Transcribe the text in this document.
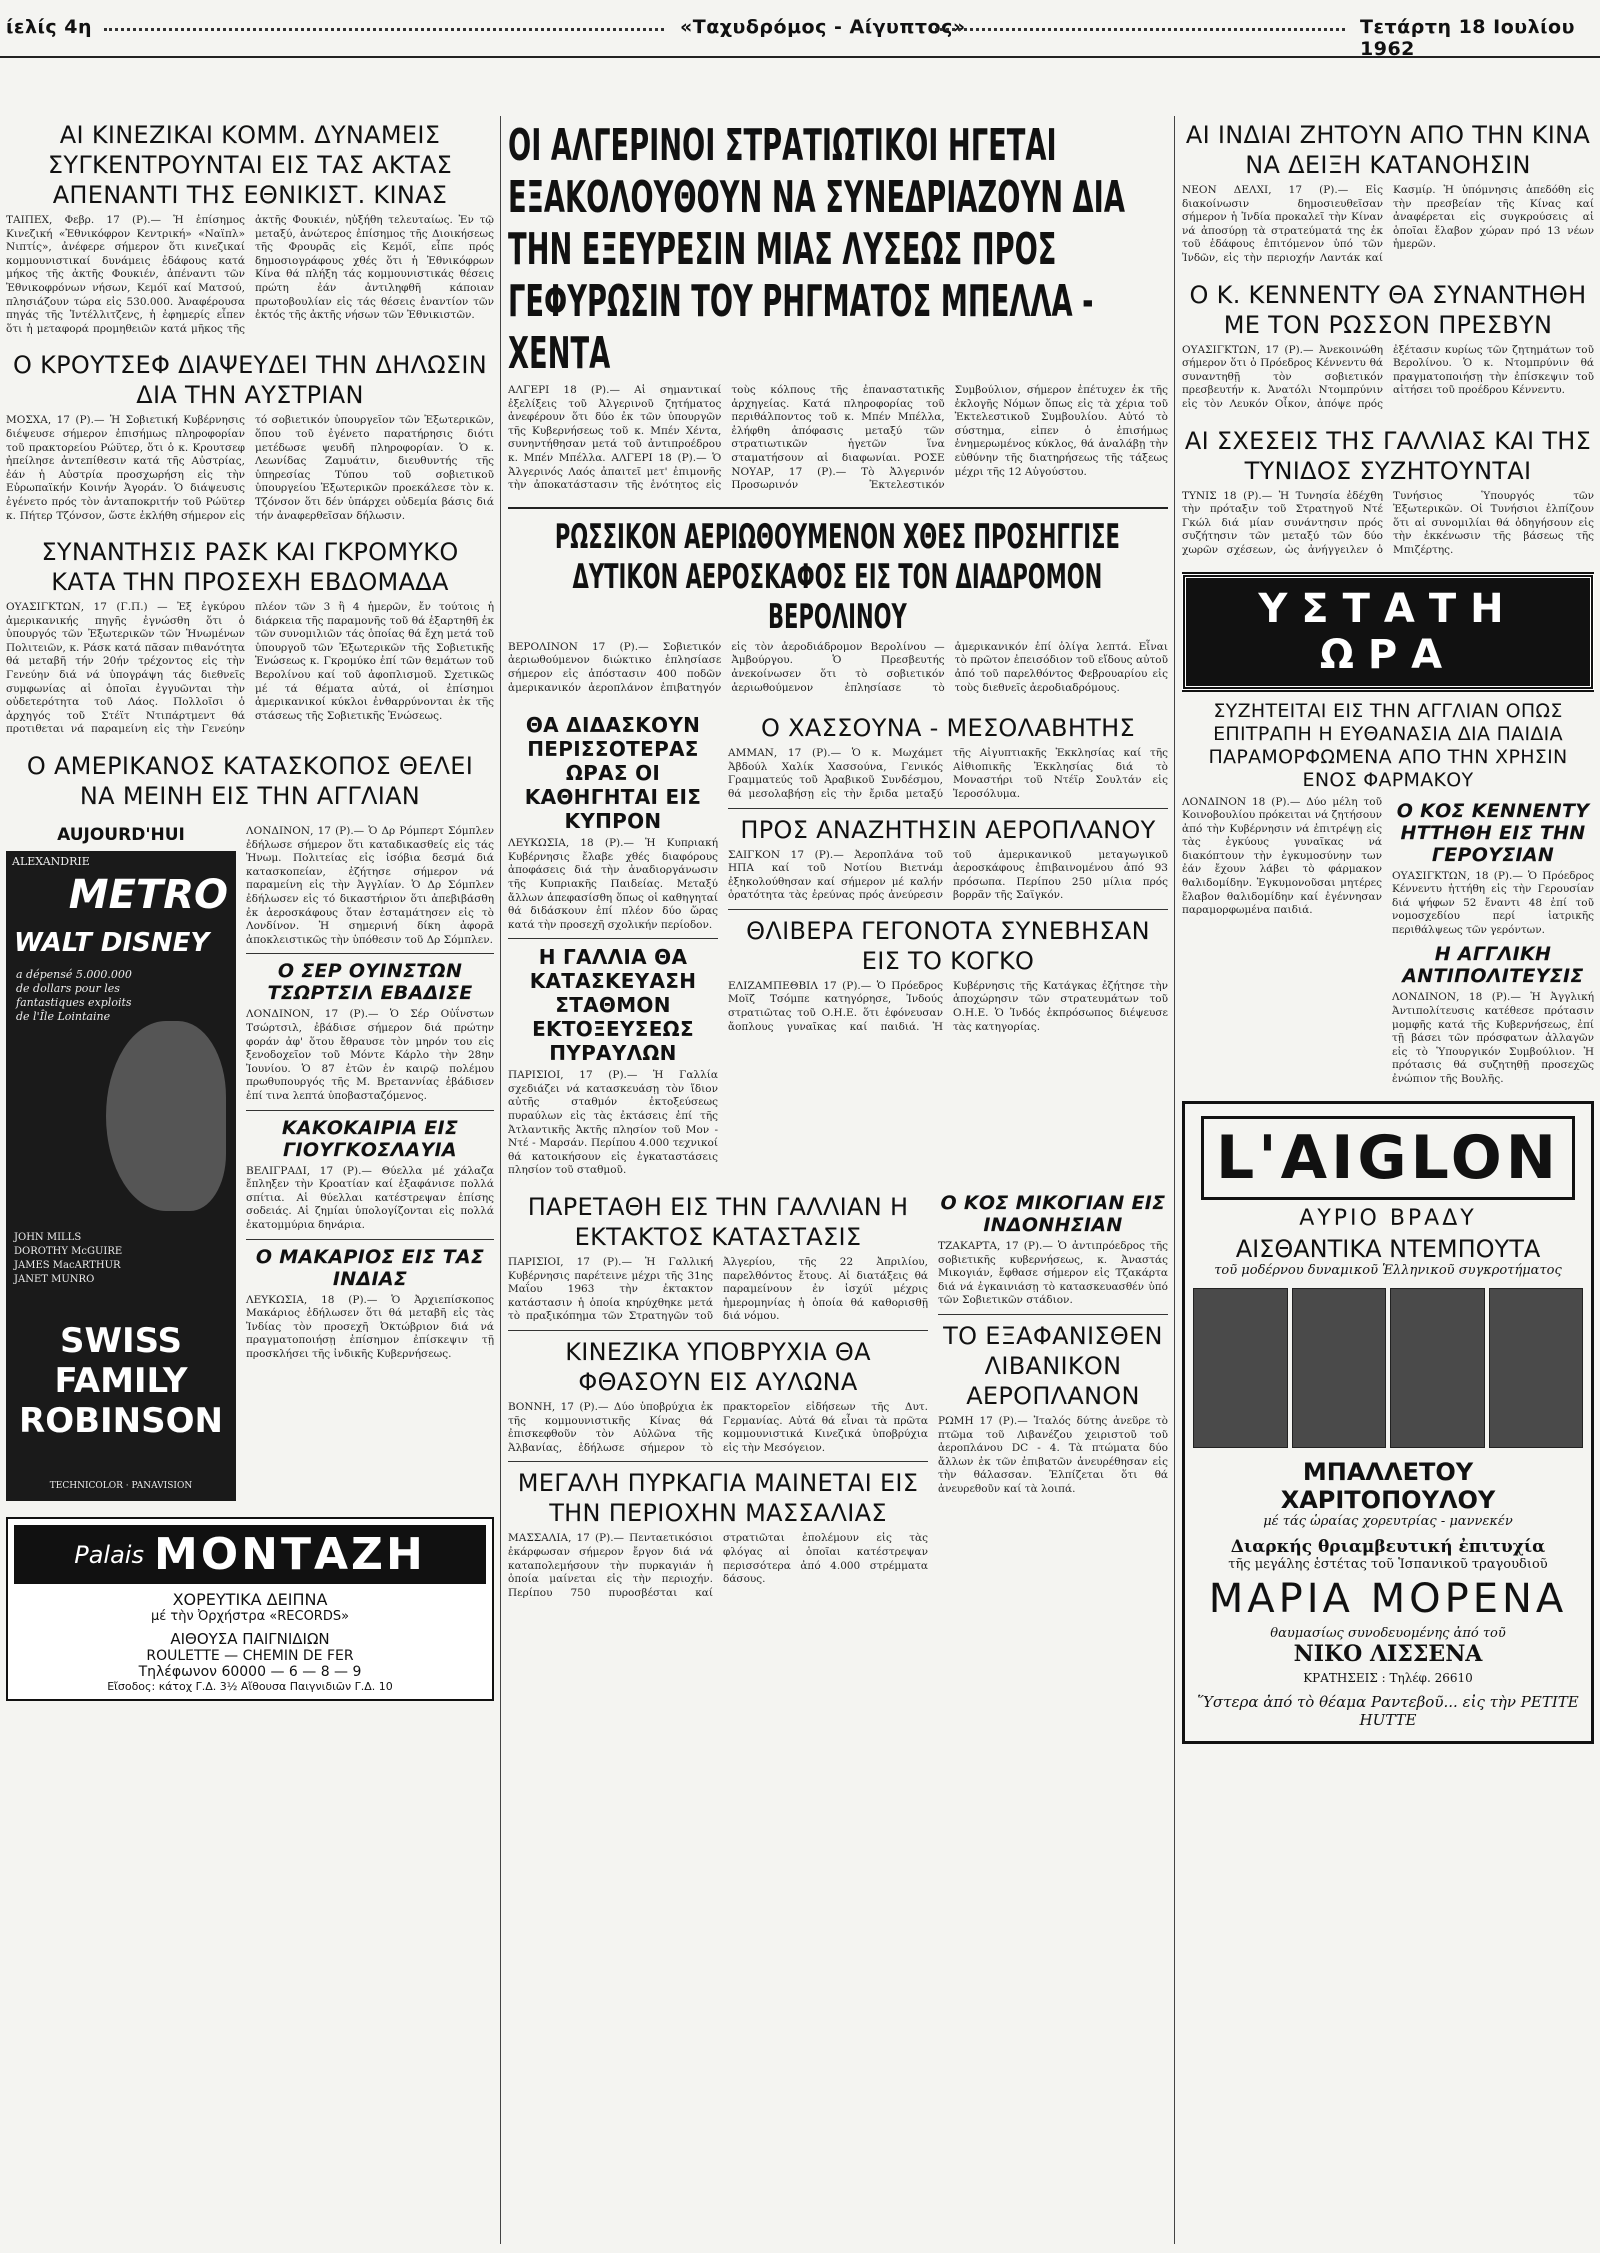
ίελίς 4η	«Ταχυδρόμος - Αίγυπτος»	Τετάρτη 18 Ιουλίου 1962
ΑΙ ΚΙΝΕΖΙΚΑΙ ΚΟΜΜ. ΔΥΝΑΜΕΙΣ ΣΥΓΚΕΝΤΡΟΥΝΤΑΙ ΕΙΣ ΤΑΣ ΑΚΤΑΣ ΑΠΕΝΑΝΤΙ ΤΗΣ ΕΘΝΙΚΙΣΤ. ΚΙΝΑΣ
ΤΑΙΠΕΧ, Φεβρ. 17 (Ρ).— Ἡ ἐπίσημος Κινεζική «Ἐθνικόφρον Κεντρική» «Ναϊπλ» Νιπτίς», ἀνέφερε σήμερον ὅτι κινεζικαί κομμουνιστικαί δυνάμεις ἐδάφους κατά μήκος τῆς ἀκτῆς Φουκιέν, ἀπέναντι τῶν Ἐθνικοφρόνων νήσων, Κεμόϊ καί Ματσού, πλησιάζουν τώρα εἰς 530.000. Ἀναφέρουσα πηγάς τῆς Ἰντέλλιτζενς, ἡ ἐφημερίς εἶπεν ὅτι ἡ μεταφορά προμηθειῶν κατά μῆκος τῆς ἀκτῆς Φουκιέν, ηὐξήθη τελευταίως. Ἐν τῷ μεταξύ, ἀνώτερος ἐπίσημος τῆς Διοικήσεως τῆς Φρουρᾶς εἰς Κεμόϊ, εἶπε πρός δημοσιογράφους χθές ὅτι ἡ Ἐθνικόφρων Κίνα θά πλήξη τάς κομμουνιστικάς θέσεις πρώτη ἐάν ἀντιληφθῆ κάποιαν πρωτοβουλίαν εἰς τάς θέσεις ἐναντίον τῶν ἐκτός τῆς ἀκτῆς νήσων τῶν Ἐθνικιστῶν.
Ο ΚΡΟΥΤΣΕΦ ΔΙΑΨΕΥΔΕΙ ΤΗΝ ΔΗΛΩΣΙΝ ΔΙΑ ΤΗΝ ΑΥΣΤΡΙΑΝ
ΜΟΣΧΑ, 17 (Ρ).— Ἡ Σοβιετική Κυβέρνησις διέψευσε σήμερον ἐπισήμως πληροφορίαν τοῦ πρακτορείου Ρώϋτερ, ὅτι ὁ κ. Κρουτσεφ ἠπείλησε ἀντεπίθεσιν κατά τῆς Αὐστρίας, ἐάν ἡ Αὐστρία προσχωρήση εἰς τὴν Εὐρωπαϊκήν Κοινήν Ἀγοράν. Ὁ διάψευσις ἐγένετο πρός τὸν ἀνταποκριτήν τοῦ Ρώϋτερ κ. Πήτερ Τζόνσον, ὥστε ἐκλήθη σήμερον εἰς τό σοβιετικόν ὑπουργεῖον τῶν Ἐξωτερικῶν, ὅπου τοῦ ἐγένετο παρατήρησις διότι μετέδωσε ψευδῆ πληροφορίαν. Ὁ κ. Λεωνίδας Ζαμυάτιν, διευθυντής τῆς ὑπηρεσίας Τύπου τοῦ σοβιετικοῦ ὑπουργείου Ἐξωτερικῶν προεκάλεσε τὸν κ. Τζόνσον ὅτι δέν ὑπάρχει οὐδεμία βάσις διά τήν ἀναφερθεῖσαν δήλωσιν.
ΣΥΝΑΝΤΗΣΙΣ ΡΑΣΚ ΚΑΙ ΓΚΡΟΜΥΚΟ ΚΑΤΑ ΤΗΝ ΠΡΟΣΕΧΗ ΕΒΔΟΜΑΔΑ
ΟΥΑΣΙΓΚΤΩΝ, 17 (Γ.Π.) — Ἐξ ἐγκύρου ἀμερικανικής πηγῆς ἐγνώσθη ὅτι ὁ ὑπουργός τῶν Ἐξωτερικῶν τῶν Ἡνωμένων Πολιτειῶν, κ. Ράσκ κατά πᾶσαν πιθανότητα θά μεταβῆ τήν 20ήν τρέχοντος εἰς τὴν Γενεύην διά νά ὑπογράψη τάς διεθνεῖς συμφωνίας αἱ ὁποῖαι ἐγγυῶνται τὴν οὐδετερότητα τοῦ Λάος. Πολλοῖσι ὁ ἀρχηγός τοῦ Στέϊτ Ντιπάρτμεντ θά προτιθεται νά παραμείνη εἰς τὴν Γενεύην πλέον τῶν 3 ἢ 4 ἡμερῶν, ἔν τούτοις ἡ διάρκεια τῆς παραμονῆς τοῦ θά ἐξαρτηθῆ ἐκ τῶν συνομιλιῶν τάς ὁποίας θά ἔχη μετά τοῦ ὑπουργοῦ τῶν Ἐξωτερικῶν τῆς Σοβιετικῆς Ἑνώσεως κ. Γκρομύκο ἐπί τῶν θεμάτων τοῦ Βερολίνου καί τοῦ ἀφοπλισμοῦ. Σχετικῶς μέ τά θέματα αὐτά, οἱ ἐπίσημοι ἀμερικανικοί κύκλοι ἐνθαρρύνονται ἐκ τῆς στάσεως τῆς Σοβιετικῆς Ἑνώσεως.
Ο ΑΜΕΡΙΚΑΝΟΣ ΚΑΤΑΣΚΟΠΟΣ ΘΕΛΕΙ ΝΑ ΜΕΙΝΗ ΕΙΣ ΤΗΝ ΑΓΓΛΙΑΝ
AUJOURD'HUI
ALEXANDRIE
METRO
WALT DISNEY
a dépensé 5.000.000 de dollars pour les fantastiques exploits de l'Île Lointaine
JOHN MILLS
DOROTHY McGUIRE
JAMES MacARTHUR
JANET MUNRO
SWISS FAMILY ROBINSON
TECHNICOLOR · PANAVISION
ΛΟΝΔΙΝΟΝ, 17 (Ρ).— Ὁ Δρ Ρόμπερτ Σόμπλεν ἐδήλωσε σήμερον ὅτι καταδικασθείς εἰς τάς Ἡνωμ. Πολιτείας εἰς ἰσόβια δεσμά διά κατασκοπείαν, ἐζήτησε σήμερον νά παραμείνη εἰς τὴν Ἀγγλίαν. Ὁ Δρ Σόμπλεν ἐδήλωσεν εἰς τό δικαστήριον ὅτι ἀπεβιβάσθη ἐκ ἀεροσκάφους ὅταν ἐσταμάτησεν εἰς τὸ Λονδίνον. Ἡ σημερινή δίκη ἀφορᾶ ἀποκλειστικῶς τὴν ὑπόθεσιν τοῦ Δρ Σόμπλεν.
Ο ΣΕΡ ΟΥΙΝΣΤΩΝ ΤΣΩΡΤΣΙΛ ΕΒΑΔΙΣΕ
ΛΟΝΔΙΝΟΝ, 17 (Ρ).— Ὁ Σέρ Οὐΐνστων Τσώρτσιλ, ἐβάδισε σήμερον διά πρώτην φοράν ἀφ' ὅτου ἔθραυσε τὸν μηρόν του εἰς ξενοδοχεῖον τοῦ Μόντε Κάρλο τὴν 28ην Ἰουνίου. Ὁ 87 ἐτῶν ἐν καιρῷ πολέμου πρωθυπουργός τῆς Μ. Βρεταννίας ἐβάδισεν ἐπί τινα λεπτά ὑποβασταζόμενος.
ΚΑΚΟΚΑΙΡΙΑ ΕΙΣ ΓΙΟΥΓΚΟΣΛΑΥΙΑ
ΒΕΛΙΓΡΑΔΙ, 17 (Ρ).— Θύελλα μέ χάλαζα ἔπληξεν τὴν Κροατίαν καί ἐξαφάνισε πολλά σπίτια. Αἱ θύελλαι κατέστρεψαν ἐπίσης σοδειάς. Αἱ ζημίαι ὑπολογίζονται εἰς πολλά ἑκατομμύρια δηνάρια.
Ο ΜΑΚΑΡΙΟΣ ΕΙΣ ΤΑΣ ΙΝΔΙΑΣ
ΛΕΥΚΩΣΙΑ, 18 (Ρ).— Ὁ Ἀρχιεπίσκοπος Μακάριος ἐδήλωσεν ὅτι θά μεταβῆ εἰς τὰς Ἰνδίας τὸν προσεχῆ Ὀκτώβριον διά νά πραγματοποιήσῃ ἐπίσημον ἐπίσκεψιν τῇ προσκλήσει τῆς ἰνδικῆς Κυβερνήσεως.
Palais ΜΟΝΤΑΖΗ
ΧΟΡΕΥΤΙΚΑ ΔΕΙΠΝΑ
μέ τὴν Ὀρχήστρα «RECORDS»
ΑΙΘΟΥΣΑ ΠΑΙΓΝΙΔΙΩΝ
ROULETTE — CHEMIN DE FER
Τηλέφωνον 60000 — 6 — 8 — 9
Εἴσοδος: κάτοχ Γ.Δ. 3½ Αἴθουσα Παιγνιδιῶν Γ.Δ. 10
ΟΙ ΑΛΓΕΡΙΝΟΙ ΣΤΡΑΤΙΩΤΙΚΟΙ ΗΓΕΤΑΙ ΕΞΑΚΟΛΟΥΘΟΥΝ ΝΑ ΣΥΝΕΔΡΙΑΖΟΥΝ ΔΙΑ ΤΗΝ ΕΞΕΥΡΕΣΙΝ ΜΙΑΣ ΛΥΣΕΩΣ ΠΡΟΣ ΓΕΦΥΡΩΣΙΝ ΤΟΥ ΡΗΓΜΑΤΟΣ ΜΠΕΛΛΑ - ΧΕΝΤΑ
ΑΛΓΕΡΙ 18 (Ρ).— Αἱ σημαντικαί ἐξελίξεις τοῦ Ἀλγερινοῦ ζητήματος ἀνεφέρουν ὅτι δύο ἐκ τῶν ὑπουργῶν τῆς Κυβερνήσεως τοῦ κ. Μπέν Χέντα, συνηντήθησαν μετά τοῦ ἀντιπροέδρου κ. Μπέν Μπέλλα. ΑΛΓΕΡΙ 18 (Ρ).— Ὁ Ἀλγερινός Λαός ἀπαιτεῖ μετ' ἐπιμονῆς τὴν ἀποκατάστασιν τῆς ἑνότητος εἰς τοὺς κόλπους τῆς ἐπαναστατικῆς ἀρχηγείας. Κατά πληροφορίας τοῦ περιθάλποντος τοῦ κ. Μπέν Μπέλλα, ἐλήφθη ἀπόφασις μεταξύ τῶν στρατιωτικῶν ἡγετῶν ἵνα σταματήσουν αἱ διαφωνίαι. ΡΟΣΕ ΝΟΥΑΡ, 17 (Ρ).— Τὸ Ἀλγερινόν Προσωρινόν Ἐκτελεστικόν Συμβούλιον, σήμερον ἐπέτυχεν ἐκ τῆς ἐκλογῆς Νόμων ὅπως εἰς τὰ χέρια τοῦ Ἐκτελεστικοῦ Συμβουλίου. Αὐτό τὸ σύστημα, εἰπεν ὁ ἐπισήμως ἐνημερωμένος κύκλος, θά ἀναλάβῃ τὴν εὐθύνην τῆς διατηρήσεως τῆς τάξεως μέχρι τῆς 12 Αὐγούστου.
ΡΩΣΣΙΚΟΝ ΑΕΡΙΩΘΟΥΜΕΝΟΝ ΧΘΕΣ ΠΡΟΣΗΓΓΙΣΕ ΔΥΤΙΚΟΝ ΑΕΡΟΣΚΑΦΟΣ ΕΙΣ ΤΟΝ ΔΙΑΔΡΟΜΟΝ ΒΕΡΟΛΙΝΟΥ
ΒΕΡΟΛΙΝΟΝ 17 (Ρ).— Σοβιετικόν ἀεριωθούμενον διώκτικο ἐπλησίασε σήμερον εἰς ἀπόστασιν 400 ποδῶν ἀμερικανικόν ἀεροπλάνον ἐπιβατηγόν εἰς τὸν ἀεροδιάδρομον Βερολίνου — Ἀμβούργου. Ὁ Πρεσβευτής ἀνεκοίνωσεν ὅτι τὸ σοβιετικόν ἀεριωθούμενον ἐπλησίασε τὸ ἀμερικανικόν ἐπί ὀλίγα λεπτά. Εἶναι τὸ πρῶτον ἐπεισόδιον τοῦ εἴδους αὐτοῦ ἀπό τοῦ παρελθόντος Φεβρουαρίου εἰς τοὺς διεθνεῖς ἀεροδιαδρόμους.
ΘΑ ΔΙΔΑΣΚΟΥΝ ΠΕΡΙΣΣΟΤΕΡΑΣ ΩΡΑΣ ΟΙ ΚΑΘΗΓΗΤΑΙ ΕΙΣ ΚΥΠΡΟΝ
ΛΕΥΚΩΣΙΑ, 18 (Ρ).— Ἡ Κυπριακή Κυβέρνησις ἔλαβε χθές διαφόρους ἀποφάσεις διά τὴν ἀναδιοργάνωσιν τῆς Κυπριακῆς Παιδείας. Μεταξύ ἄλλων ἀπεφασίσθη ὅπως οἱ καθηγηταί θά διδάσκουν ἐπί πλέον δύο ὥρας κατά τὴν προσεχῆ σχολικήν περίοδον.
Η ΓΑΛΛΙΑ ΘΑ ΚΑΤΑΣΚΕΥΑΣΗ ΣΤΑΘΜΟΝ ΕΚΤΟΞΕΥΣΕΩΣ ΠΥΡΑΥΛΩΝ
ΠΑΡΙΣΙΟΙ, 17 (Ρ).— Ἡ Γαλλία σχεδιάζει νά κατασκευάσῃ τὸν ἴδιον αὐτῆς σταθμόν ἐκτοξεύσεως πυραύλων εἰς τὰς ἐκτάσεις ἐπί τῆς Ἀτλαντικῆς Ἀκτῆς πλησίον τοῦ Μον - Ντέ - Μαρσάν. Περίπου 4.000 τεχνικοί θά κατοικήσουν εἰς ἐγκαταστάσεις πλησίον τοῦ σταθμοῦ.
Ο ΧΑΣΣΟΥΝΑ - ΜΕΣΟΛΑΒΗΤΗΣ
ΑΜΜΑΝ, 17 (Ρ).— Ὁ κ. Μωχάμετ Ἀβδούλ Χαλίκ Χασσούνα, Γενικός Γραμματεύς τοῦ Ἀραβικοῦ Συνδέσμου, θά μεσολαβήσῃ εἰς τὴν ἔριδα μεταξύ τῆς Αἰγυπτιακῆς Ἐκκλησίας καί τῆς Αἰθιοπικῆς Ἐκκλησίας διά τὸ Μοναστήρι τοῦ Ντέϊρ Σουλτάν εἰς Ἱεροσόλυμα.
ΠΡΟΣ ΑΝΑΖΗΤΗΣΙΝ ΑΕΡΟΠΛΑΝΟΥ
ΣΑΙΓΚΟΝ 17 (Ρ).— Ἀεροπλάνα τοῦ ΗΠΑ καί τοῦ Νοτίου Βιετνάμ ἐξηκολούθησαν καί σήμερον μέ καλήν ὁρατότητα τὰς ἐρεύνας πρός ἀνεύρεσιν τοῦ ἀμερικανικοῦ μεταγωγικοῦ ἀεροσκάφους ἐπιβαινομένου ἀπό 93 πρόσωπα. Περίπου 250 μίλια πρός βορρᾶν τῆς Σαϊγκόν.
ΘΛΙΒΕΡΑ ΓΕΓΟΝΟΤΑ ΣΥΝΕΒΗΣΑΝ ΕΙΣ ΤΟ ΚΟΓΚΟ
ΕΛΙΖΑΜΠΕΘΒΙΛ 17 (Ρ).— Ὁ Πρόεδρος Μοϊζ Τσόμπε κατηγόρησε, Ἰνδούς στρατιῶτας τοῦ Ο.Η.Ε. ὅτι ἐφόνευσαν ἄοπλους γυναῖκας καί παιδιά. Ἡ Κυβέρνησις τῆς Κατάγκας ἐζήτησε τὴν ἀποχώρησιν τῶν στρατευμάτων τοῦ Ο.Η.Ε. Ὁ Ἰνδός ἐκπρόσωπος διέψευσε τὰς κατηγορίας.
ΠΑΡΕΤΑΘΗ ΕΙΣ ΤΗΝ ΓΑΛΛΙΑΝ Η ΕΚΤΑΚΤΟΣ ΚΑΤΑΣΤΑΣΙΣ
ΠΑΡΙΣΙΟΙ, 17 (Ρ).— Ἡ Γαλλική Κυβέρνησις παρέτεινε μέχρι τῆς 31ης Μαΐου 1963 τὴν ἐκτακτον κατάστασιν ἡ ὁποία κηρύχθηκε μετά τὸ πραξικόπημα τῶν Στρατηγῶν τοῦ Ἀλγερίου, τῆς 22 Ἀπριλίου, παρελθόντος ἔτους. Αἱ διατάξεις θά παραμείνουν ἐν ἰσχύϊ μέχρις ἡμερομηνίας ἡ ὁποία θά καθορισθῇ διά νόμου.
ΚΙΝΕΖΙΚΑ ΥΠΟΒΡΥΧΙΑ ΘΑ ΦΘΑΣΟΥΝ ΕΙΣ ΑΥΛΩΝΑ
ΒΟΝΝΗ, 17 (Ρ).— Δύο ὑποβρύχια ἐκ τῆς κομμουνιστικῆς Κίνας θά ἐπισκεφθοῦν τὸν Αὐλῶνα τῆς Ἀλβανίας, ἐδήλωσε σήμερον τὸ πρακτορεῖον εἰδήσεων τῆς Δυτ. Γερμανίας. Αὐτά θά εἶναι τὰ πρῶτα κομμουνιστικά Κινεζικά ὑποβρύχια εἰς τὴν Μεσόγειον.
ΜΕΓΑΛΗ ΠΥΡΚΑΓΙΑ ΜΑΙΝΕΤΑΙ ΕΙΣ ΤΗΝ ΠΕΡΙΟΧΗΝ ΜΑΣΣΑΛΙΑΣ
ΜΑΣΣΑΛΙΑ, 17 (Ρ).— Πενταετικόσιοι ἐκάρφωσαν σήμερον ἔργον διά νά καταπολεμήσουν τὴν πυρκαγιάν ἡ ὁποία μαίνεται εἰς τὴν περιοχήν. Περίπου 750 πυροσβέσται καί στρατιῶται ἐπολέμουν εἰς τὰς φλόγας αἱ ὁποῖαι κατέστρεψαν περισσότερα ἀπό 4.000 στρέμματα δάσους.
Ο ΚΟΣ ΜΙΚΟΓΙΑΝ ΕΙΣ ΙΝΔΟΝΗΣΙΑΝ
ΤΖΑΚΑΡΤΑ, 17 (Ρ).— Ὁ ἀντιπρόεδρος τῆς σοβιετικῆς κυβερνήσεως, κ. Ἀναστάς Μικογιάν, ἔφθασε σήμερον εἰς Τζακάρτα διά νά ἐγκαινιάσῃ τὸ κατασκευασθέν ὑπό τῶν Σοβιετικῶν στάδιον.
ΤΟ ΕΞΑΦΑΝΙΣΘΕΝ ΛΙΒΑΝΙΚΟΝ ΑΕΡΟΠΛΑΝΟΝ
ΡΩΜΗ 17 (Ρ).— Ἰταλός δύτης ἀνεῦρε τὸ πτῶμα τοῦ Λιβανέζου χειριστοῦ τοῦ ἀεροπλάνου DC - 4. Τὰ πτώματα δύο ἄλλων ἐκ τῶν ἐπιβατῶν ἀνευρέθησαν εἰς τὴν θάλασσαν. Ἐλπίζεται ὅτι θά ἀνευρεθοῦν καί τὰ λοιπά.
ΑΙ ΙΝΔΙΑΙ ΖΗΤΟΥΝ ΑΠΟ ΤΗΝ ΚΙΝΑ ΝΑ ΔΕΙΞΗ ΚΑΤΑΝΟΗΣΙΝ
ΝΕΟΝ ΔΕΛΧΙ, 17 (Ρ).— Εἰς διακοίνωσιν δημοσιευθεῖσαν σήμερον ἡ Ἰνδία προκαλεῖ τὴν Κίναν νά ἀποσύρῃ τὰ στρατεύματά της ἐκ τοῦ ἐδάφους ἐπιτόμενον ὑπό τῶν Ἰνδῶν, εἰς τὴν περιοχήν Λαντάκ καί Κασμίρ. Ἡ ὑπόμνησις ἀπεδόθη εἰς τὴν πρεσβείαν τῆς Κίνας καί ἀναφέρεται εἰς συγκρούσεις αἱ ὁποῖαι ἔλαβον χώραν πρό 13 νέων ἡμερῶν.
Ο Κ. ΚΕΝΝΕΝΤΥ ΘΑ ΣΥΝΑΝΤΗΘΗ ΜΕ ΤΟΝ ΡΩΣΣΟΝ ΠΡΕΣΒΥΝ
ΟΥΑΣΙΓΚΤΩΝ, 17 (Ρ).— Ἀνεκοινώθη σήμερον ὅτι ὁ Πρόεδρος Κέννεντυ θά συναντηθῇ τὸν σοβιετικόν πρεσβευτήν κ. Ἀνατόλι Ντομπρύνιν εἰς τὸν Λευκόν Οἶκον, ἀπόψε πρός ἐξέτασιν κυρίως τῶν ζητημάτων τοῦ Βερολίνου. Ὁ κ. Ντομπρύνιν θά πραγματοποιήσῃ τὴν ἐπίσκεψιν τοῦ αἰτήσει τοῦ προέδρου Κέννεντυ.
ΑΙ ΣΧΕΣΕΙΣ ΤΗΣ ΓΑΛΛΙΑΣ ΚΑΙ ΤΗΣ ΤΥΝΙΔΟΣ ΣΥΖΗΤΟΥΝΤΑΙ
ΤΥΝΙΣ 18 (Ρ).— Ἡ Τυνησία ἐδέχθη τὴν πρόταξιν τοῦ Στρατηγοῦ Ντέ Γκώλ διά μίαν συνάντησιν πρός συζήτησιν τῶν μεταξύ τῶν δύο χωρῶν σχέσεων, ὡς ἀνήγγειλεν ὁ Τυνήσιος Ὑπουργός τῶν Ἐξωτερικῶν. Οἱ Τυνήσιοι ἐλπίζουν ὅτι αἱ συνομιλίαι θά ὁδηγήσουν εἰς τὴν ἐκκένωσιν τῆς βάσεως τῆς Μπιζέρτης.
ΥΣΤΑΤΗ ΩΡΑ
ΣΥΖΗΤΕΙΤΑΙ ΕΙΣ ΤΗΝ ΑΓΓΛΙΑΝ ΟΠΩΣ ΕΠΙΤΡΑΠΗ Η ΕΥΘΑΝΑΣΙΑ ΔΙΑ ΠΑΙΔΙΑ ΠΑΡΑΜΟΡΦΩΜΕΝΑ ΑΠΟ ΤΗΝ ΧΡΗΣΙΝ ΕΝΟΣ ΦΑΡΜΑΚΟΥ
ΛΟΝΔΙΝΟΝ 18 (Ρ).— Δύο μέλη τοῦ Κοινοβουλίου πρόκειται νά ζητήσουν ἀπό τὴν Κυβέρνησιν νά ἐπιτρέψῃ εἰς τὰς ἐγκύους γυναῖκας νά διακόπτουν τὴν ἐγκυμοσύνην των ἐάν ἔχουν λάβει τὸ φάρμακον θαλιδομίδην. Ἐγκυμονοῦσαι μητέρες ἔλαβον θαλιδομίδην καί ἐγέννησαν παραμορφωμένα παιδιά.
Ο ΚΟΣ ΚΕΝΝΕΝΤΥ ΗΤΤΗΘΗ ΕΙΣ ΤΗΝ ΓΕΡΟΥΣΙΑΝ
ΟΥΑΣΙΓΚΤΩΝ, 18 (Ρ).— Ὁ Πρόεδρος Κέννεντυ ἡττήθη εἰς τὴν Γερουσίαν διά ψήφων 52 ἔναντι 48 ἐπί τοῦ νομοσχεδίου περί ἰατρικῆς περιθάλψεως τῶν γερόντων.
Η ΑΓΓΛΙΚΗ ΑΝΤΙΠΟΛΙΤΕΥΣΙΣ
ΛΟΝΔΙΝΟΝ, 18 (Ρ).— Ἡ Ἀγγλική Ἀντιπολίτευσις κατέθεσε πρότασιν μομφῆς κατά τῆς Κυβερνήσεως, ἐπί τῇ βάσει τῶν πρόσφατων ἀλλαγῶν εἰς τὸ Ὑπουργικόν Συμβούλιον. Ἡ πρότασις θά συζητηθῇ προσεχῶς ἐνώπιον τῆς Βουλῆς.
L'AIGLON
ΑΥΡΙΟ ΒΡΑΔΥ
ΑΙΣΘΑΝΤΙΚΑ ΝΤΕΜΠΟΥΤΑ
τοῦ μοδέρνου δυναμικοῦ Ἑλληνικοῦ συγκροτήματος
ΜΠΑΛΛΕΤΟΥ ΧΑΡΙΤΟΠΟΥΛΟΥ
μέ τάς ὡραίας χορευτρίας - μαννεκέν
Διαρκής θριαμβευτική ἐπιτυχία
τῆς μεγάλης ἑστέτας τοῦ Ἱσπανικοῦ τραγουδιοῦ
ΜΑΡΙΑ ΜΟΡΕΝΑ
θαυμασίως συνοδευομένης ἀπό τοῦ
ΝΙΚΟ ΛΙΣΣΕΝΑ
ΚΡΑΤΗΣΕΙΣ : Τηλέφ. 26610
Ὕστερα ἀπό τὸ θέαμα Ραντεβοῦ... εἰς τὴν PETITE HUTTE
